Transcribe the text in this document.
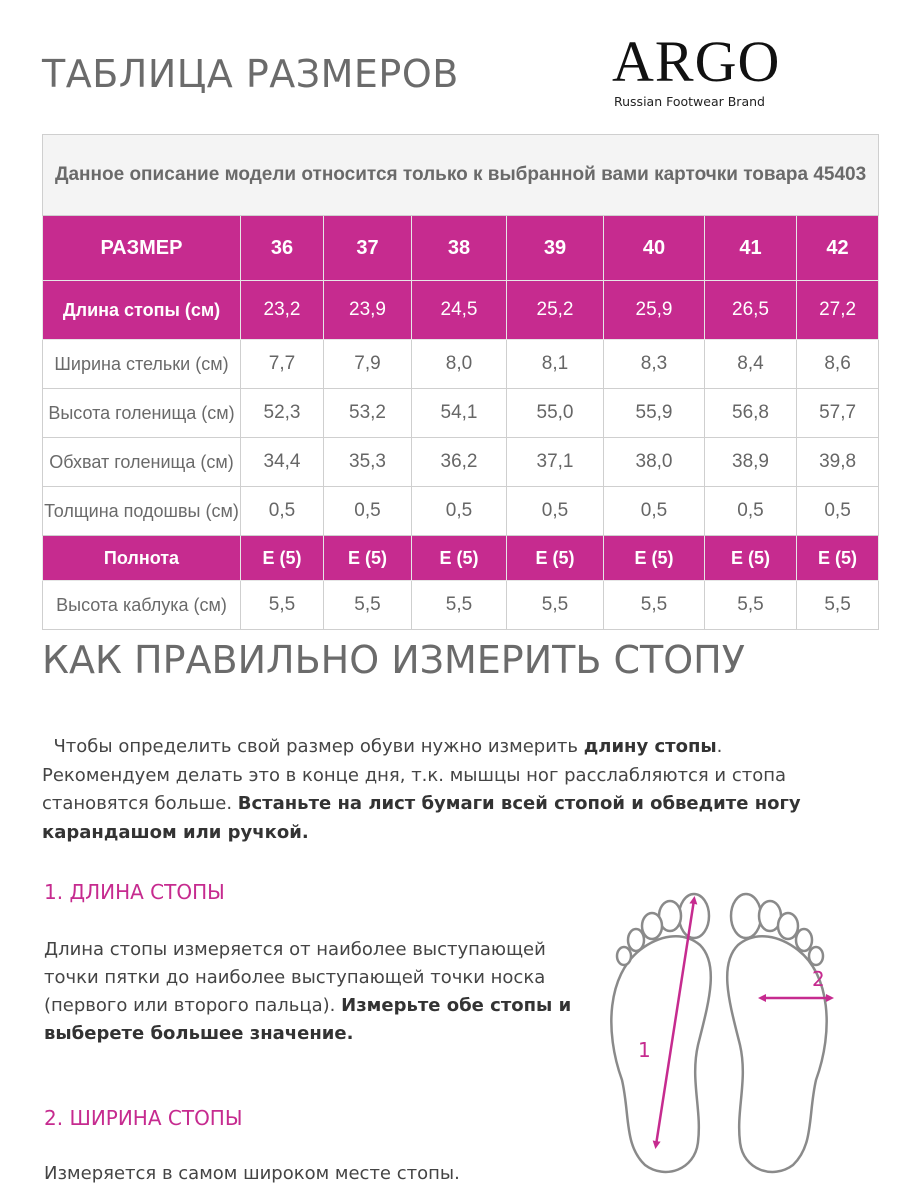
ТАБЛИЦА РАЗМЕРОВ	ARGO
Russian Footwear Brand
Данное описание модели относится только к выбранной вами карточки товара 45403							
РАЗМЕР	36	37	38	39	40	41	42
Длина стопы (см)	23,2	23,9	24,5	25,2	25,9	26,5	27,2
Ширина стельки (см)	7,7	7,9	8,0	8,1	8,3	8,4	8,6
Высота голенища (см)	52,3	53,2	54,1	55,0	55,9	56,8	57,7
Обхват голенища (см)	34,4	35,3	36,2	37,1	38,0	38,9	39,8
Толщина подошвы (см)	0,5	0,5	0,5	0,5	0,5	0,5	0,5
Полнота	E (5)	E (5)	E (5)	E (5)	E (5)	E (5)	E (5)
Высота каблука (см)	5,5	5,5	5,5	5,5	5,5	5,5	5,5
КАК ПРАВИЛЬНО ИЗМЕРИТЬ СТОПУ

Чтобы определить свой размер обуви нужно измерить длину стопы. Рекомендуем делать это в конце дня, т.к. мышцы ног расслабляются и стопа становятся больше. Встаньте на лист бумаги всей стопой и обведите ногу карандашом или ручкой.

1. ДЛИНА СТОПЫ

Длина стопы измеряется от наиболее выступающей точки пятки до наиболее выступающей точки носка (первого или второго пальца). Измерьте обе стопы и выберете большее значение.

2. ШИРИНА СТОПЫ

Измеряется в самом широком месте стопы.

1
2
